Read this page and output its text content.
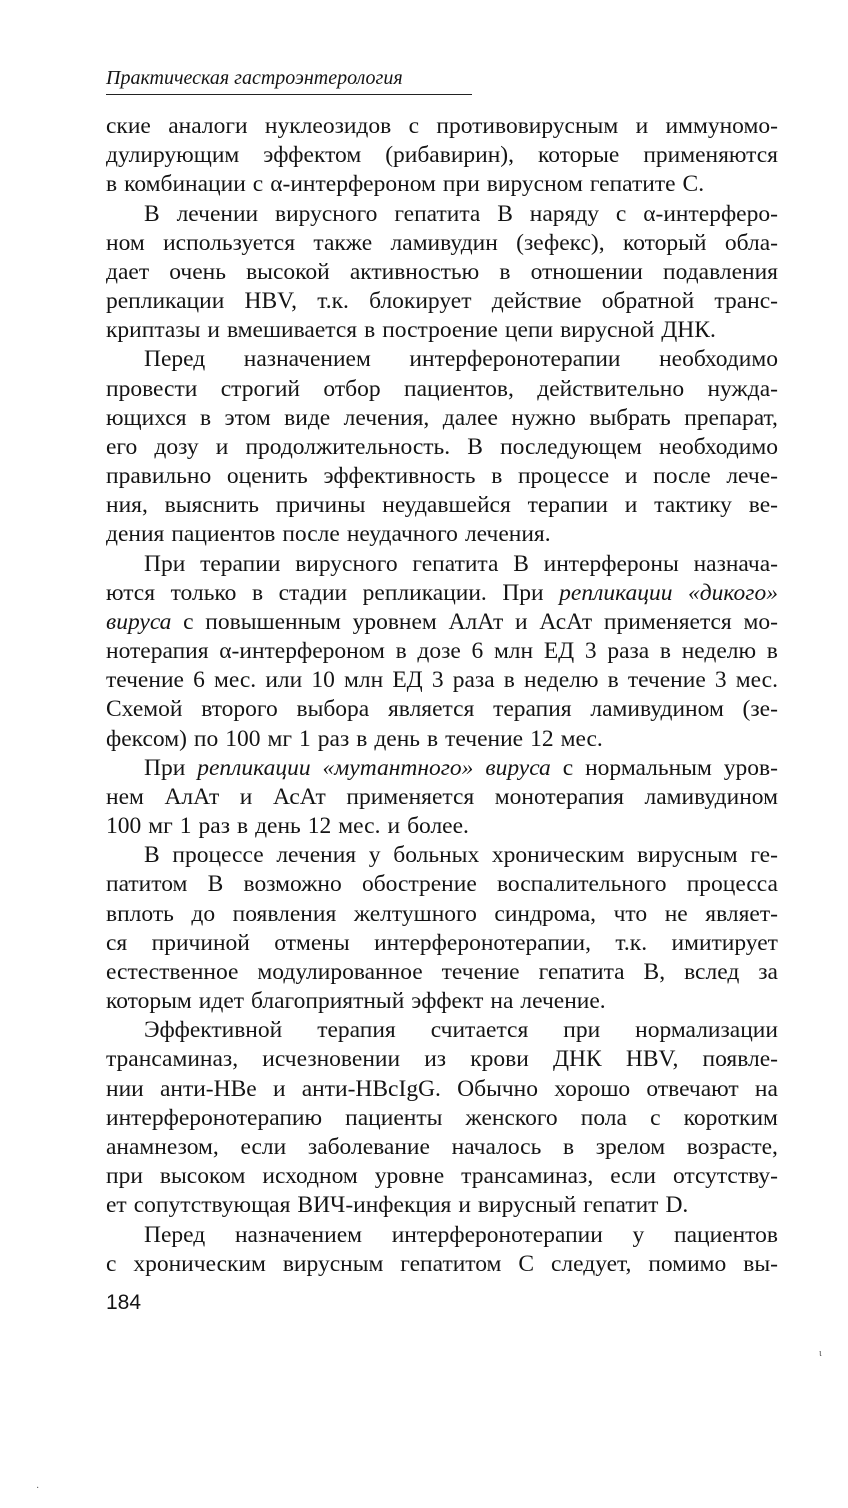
Практическая гастроэнтерология
ские аналоги нуклеозидов с противовирусным и иммуномо-
дулирующим эффектом (рибавирин), которые применяются
в комбинации с α-интерфероном при вирусном гепатите С.
В лечении вирусного гепатита В наряду с α-интерферо-
ном используется также ламивудин (зефекс), который обла-
дает очень высокой активностью в отношении подавления
репликации HBV, т.к. блокирует действие обратной транс-
криптазы и вмешивается в построение цепи вирусной ДНК.
Перед назначением интерферонотерапии необходимо
провести строгий отбор пациентов, действительно нужда-
ющихся в этом виде лечения, далее нужно выбрать препарат,
его дозу и продолжительность. В последующем необходимо
правильно оценить эффективность в процессе и после лече-
ния, выяснить причины неудавшейся терапии и тактику ве-
дения пациентов после неудачного лечения.
При терапии вирусного гепатита В интерфероны назнача-
ются только в стадии репликации. При репликации «дикого»
вируса с повышенным уровнем АлАт и АсАт применяется мо-
нотерапия α-интерфероном в дозе 6 млн ЕД 3 раза в неделю в
течение 6 мес. или 10 млн ЕД 3 раза в неделю в течение 3 мес.
Схемой второго выбора является терапия ламивудином (зе-
фексом) по 100 мг 1 раз в день в течение 12 мес.
При репликации «мутантного» вируса с нормальным уров-
нем АлАт и АсАт применяется монотерапия ламивудином
100 мг 1 раз в день 12 мес. и более.
В процессе лечения у больных хроническим вирусным ге-
патитом В возможно обострение воспалительного процесса
вплоть до появления желтушного синдрома, что не являет-
ся причиной отмены интерферонотерапии, т.к. имитирует
естественное модулированное течение гепатита В, вслед за
которым идет благоприятный эффект на лечение.
Эффективной терапия считается при нормализации
трансаминаз, исчезновении из крови ДНК HBV, появле-
нии анти-HBe и анти-HBcIgG. Обычно хорошо отвечают на
интерферонотерапию пациенты женского пола с коротким
анамнезом, если заболевание началось в зрелом возрасте,
при высоком исходном уровне трансаминаз, если отсутству-
ет сопутствующая ВИЧ-инфекция и вирусный гепатит D.
Перед назначением интерферонотерапии у пациентов
с хроническим вирусным гепатитом С следует, помимо вы-
184
ι
·
